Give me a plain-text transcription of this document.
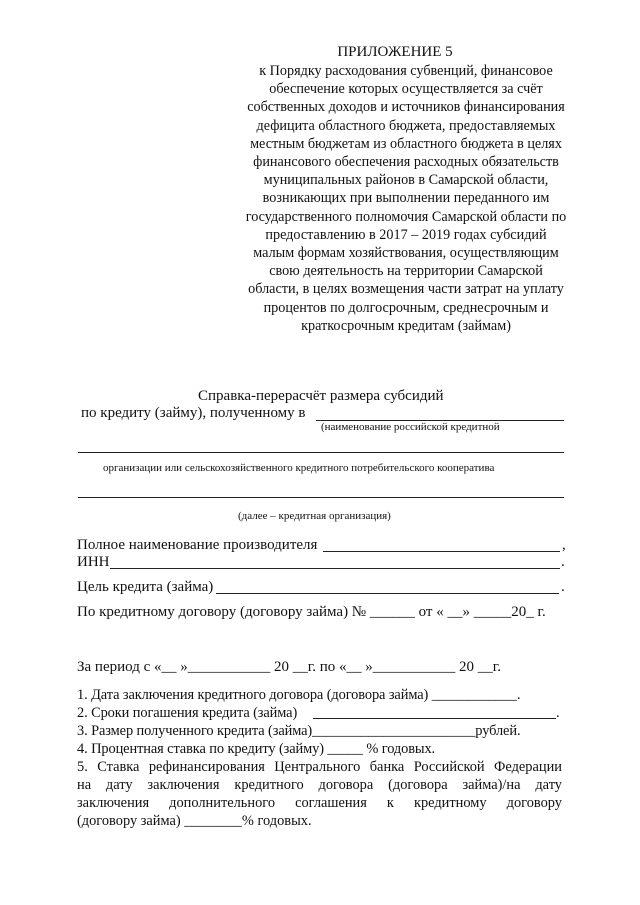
ПРИЛОЖЕНИЕ 5
к Порядку расходования субвенций, финансовое
обеспечение которых осуществляется за счёт
собственных доходов и источников финансирования
дефицита областного бюджета, предоставляемых
местным бюджетам из областного бюджета в целях
финансового обеспечения расходных обязательств
муниципальных районов в Самарской области,
возникающих при выполнении переданного им
государственного полномочия Самарской области по
предоставлению в 2017 – 2019 годах субсидий
малым формам хозяйствования, осуществляющим
свою деятельность на территории Самарской
области, в целях возмещения части затрат на уплату
процентов по долгосрочным, среднесрочным и
краткосрочным кредитам (займам)
Справка-перерасчёт размера субсидий
по кредиту (займу), полученному в
(наименование российской кредитной
организации или сельскохозяйственного кредитного потребительского кооператива
(далее – кредитная организация)
Полное наименование производителя	,
ИНН	.
Цель кредита (займа)	.
По кредитному договору (договору займа) № ______ от « __» _____20_ г.
За период с «__ »___________ 20 __г. по «__ »___________ 20 __г.
1. Дата заключения кредитного договора (договора займа) ____________.
2. Сроки погашения кредита (займа)	.
3. Размер полученного кредита (займа)_______________________рублей.
4. Процентная ставка по кредиту (займу) _____ % годовых.
5. Ставка рефинансирования Центрального банка Российской Федерации
на дату заключения кредитного договора (договора займа)/на дату
заключения дополнительного соглашения к кредитному договору
(договору займа) ________% годовых.
